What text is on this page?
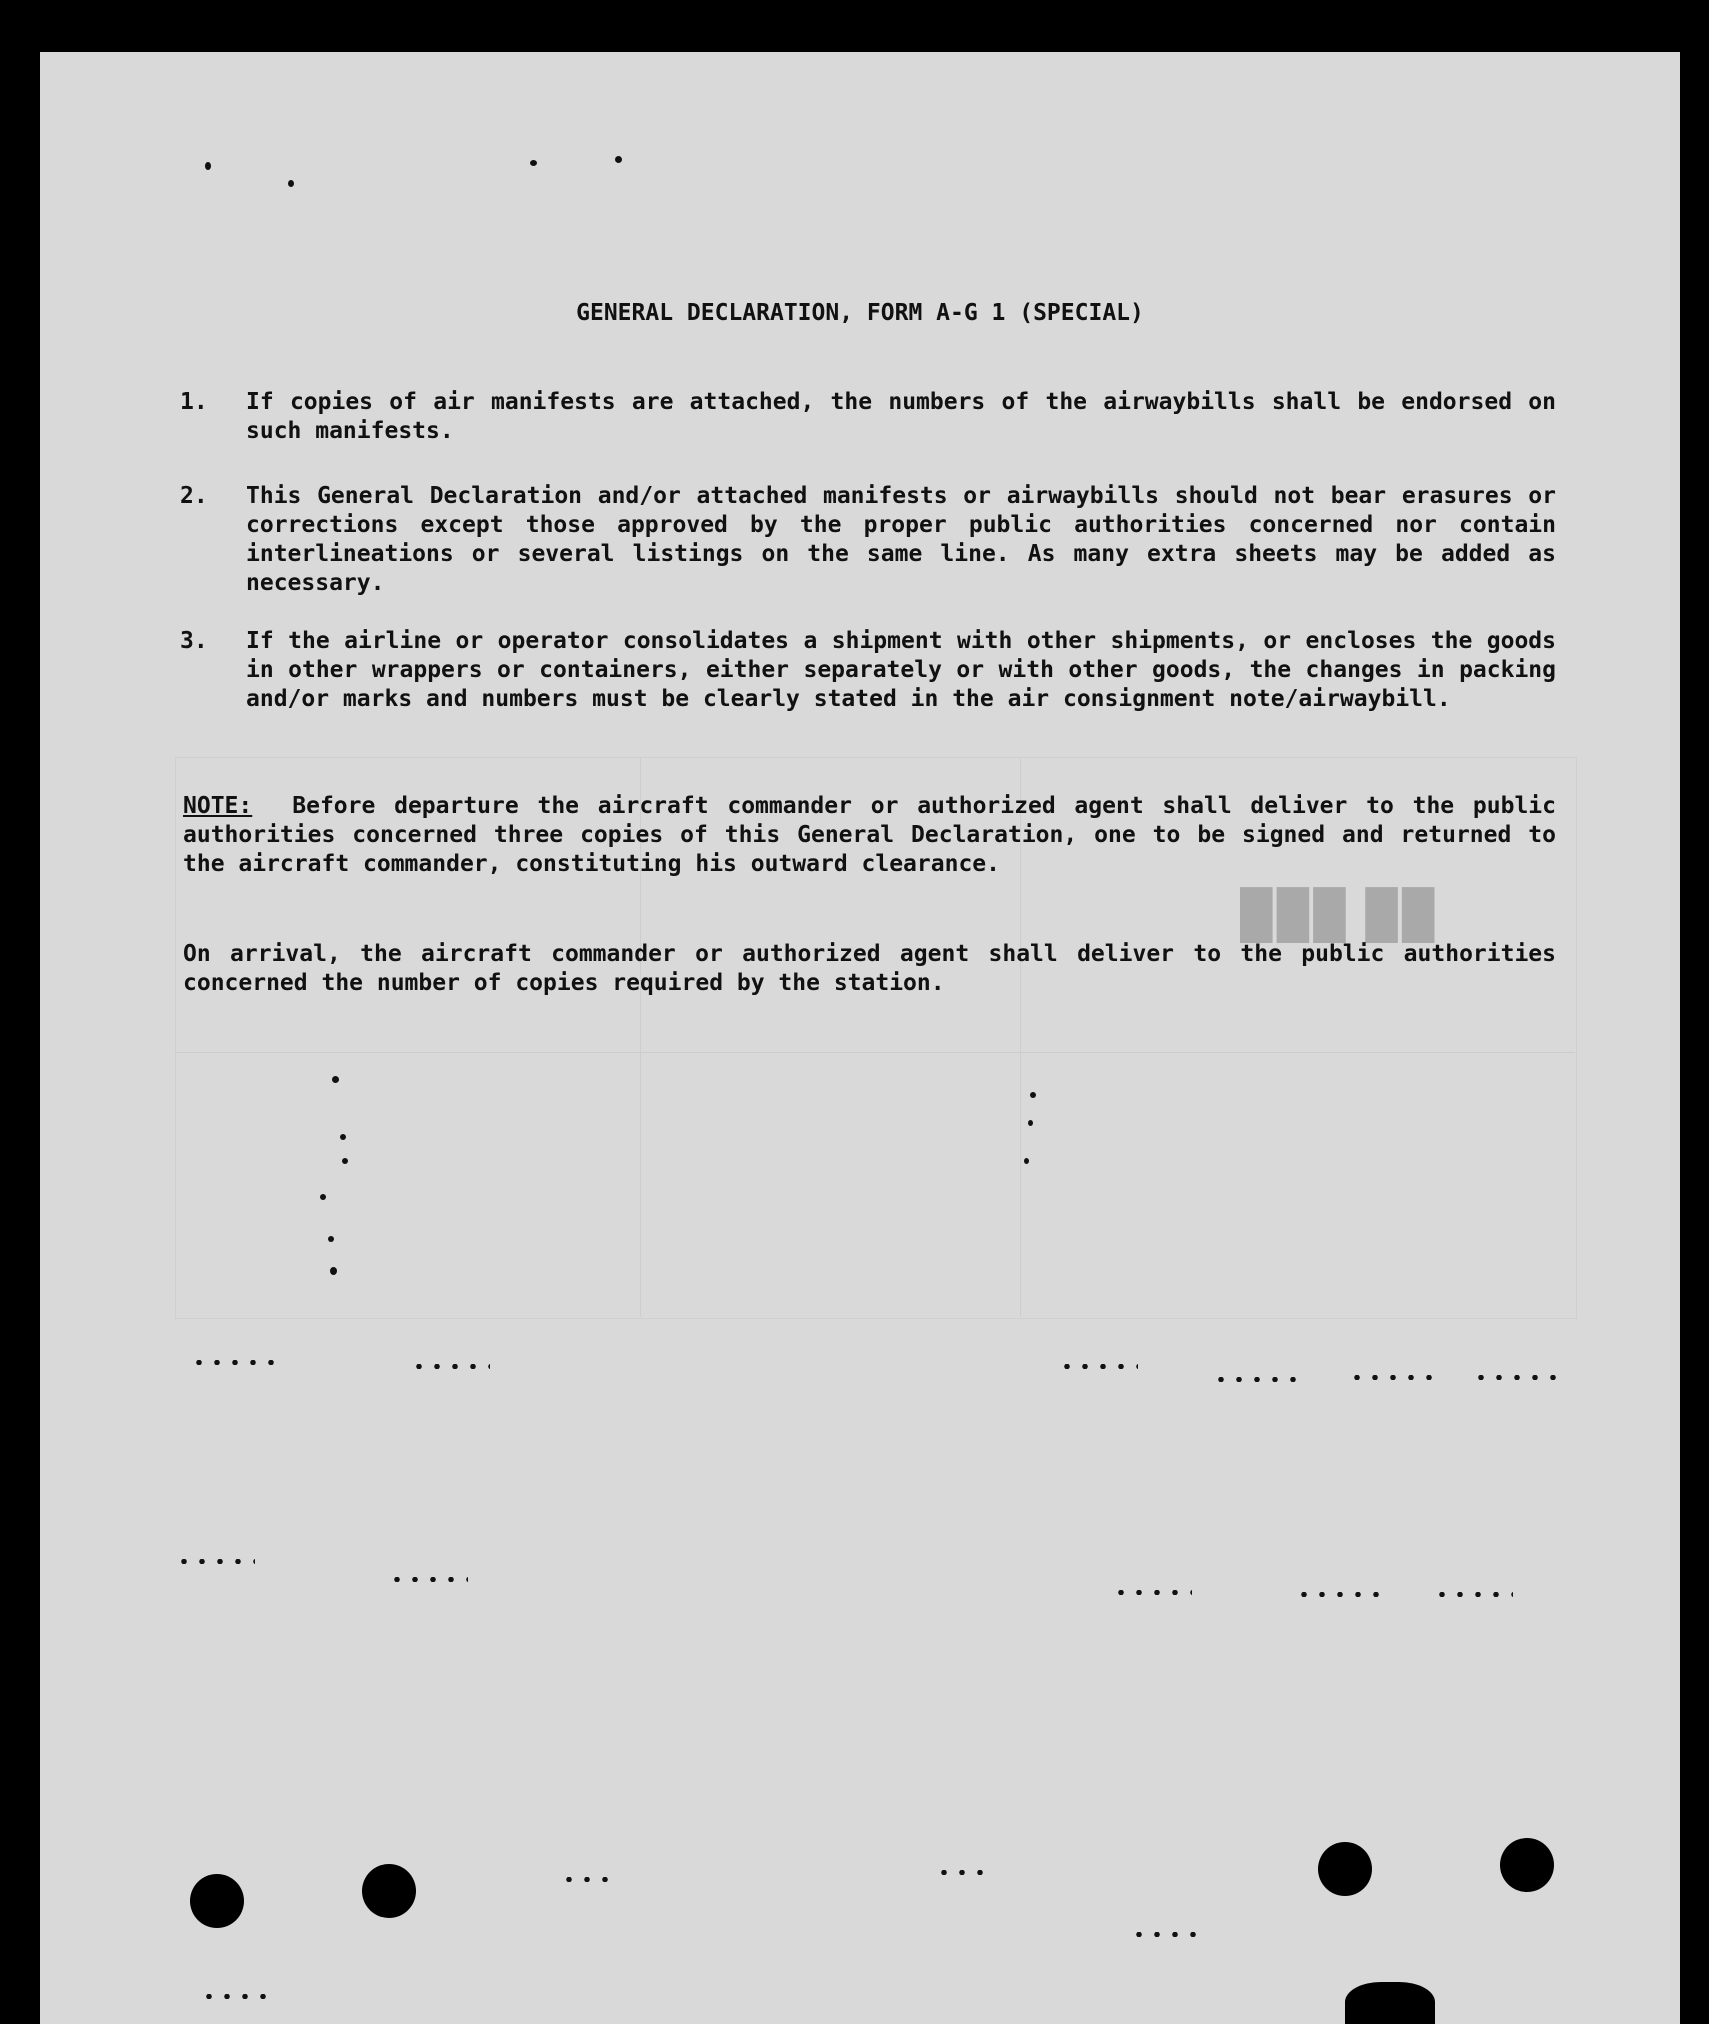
███ ██
GENERAL DECLARATION, FORM A-G 1 (SPECIAL)
1. If copies of air manifests are attached, the numbers of the airwaybills shall be endorsed on such manifests.
2. This General Declaration and/or attached manifests or airwaybills should not bear erasures or corrections except those approved by the proper public authorities concerned nor contain interlineations or several listings on the same line. As many extra sheets may be added as necessary.
3. If the airline or operator consolidates a shipment with other shipments, or encloses the goods in other wrappers or containers, either separately or with other goods, the changes in packing and/or marks and numbers must be clearly stated in the air consignment note/airwaybill.
NOTE: Before departure the aircraft commander or authorized agent shall deliver to the public authorities concerned three copies of this General Declaration, one to be signed and returned to the aircraft commander, constituting his outward clearance.
On arrival, the aircraft commander or authorized agent shall deliver to the public authorities concerned the number of copies required by the station.
